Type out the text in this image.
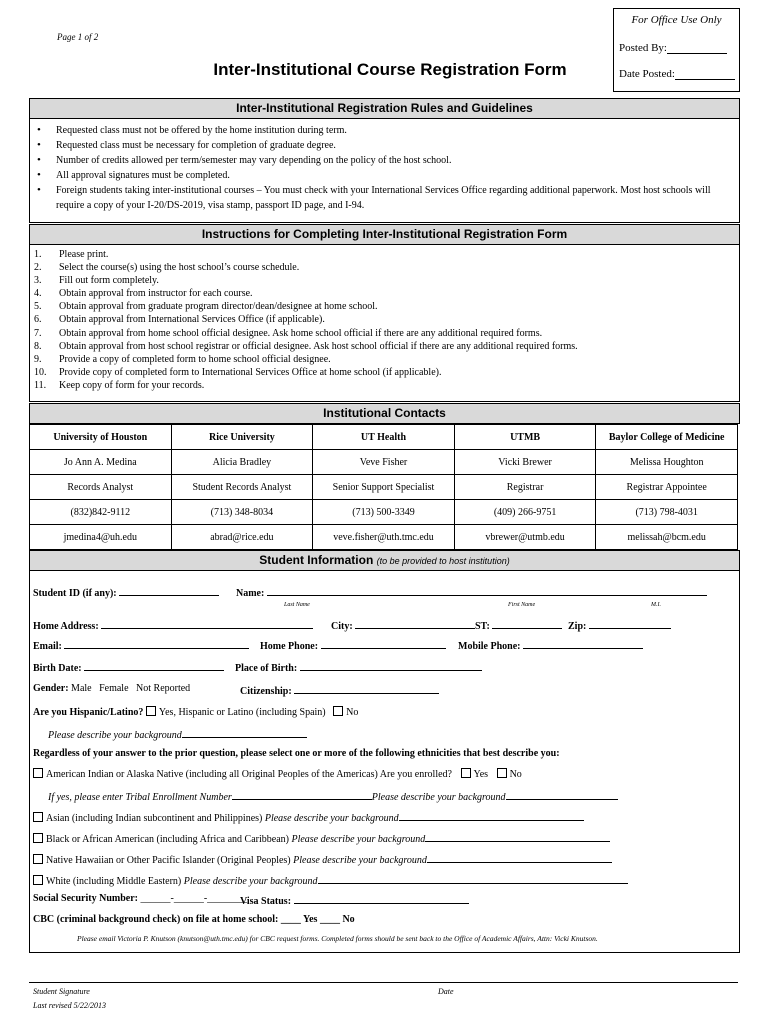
For Office Use Only
Posted By:
Date Posted:
Page 1 of 2
Inter-Institutional Course Registration Form
Inter-Institutional Registration Rules and Guidelines
• Requested class must not be offered by the home institution during term.
• Requested class must be necessary for completion of graduate degree.
• Number of credits allowed per term/semester may vary depending on the policy of the host school.
• All approval signatures must be completed.
• Foreign students taking inter-institutional courses – You must check with your International Services Office regarding additional paperwork. Most host schools will require a copy of your I-20/DS-2019, visa stamp, passport ID page, and I-94.
Instructions for Completing Inter-Institutional Registration Form
1. Please print.
2. Select the course(s) using the host school’s course schedule.
3. Fill out form completely.
4. Obtain approval from instructor for each course.
5. Obtain approval from graduate program director/dean/designee at home school.
6. Obtain approval from International Services Office (if applicable).
7. Obtain approval from home school official designee. Ask home school official if there are any additional required forms.
8. Obtain approval from host school registrar or official designee. Ask host school official if there are any additional required forms.
9. Provide a copy of completed form to home school official designee.
10. Provide copy of completed form to International Services Office at home school (if applicable).
11. Keep copy of form for your records.
Institutional Contacts
University of Houston	Rice University	UT Health	UTMB	Baylor College of Medicine
Jo Ann A. Medina	Alicia Bradley	Veve Fisher	Vicki Brewer	Melissa Houghton
Records Analyst	Student Records Analyst	Senior Support Specialist	Registrar	Registrar Appointee
(832)842-9112	(713) 348-8034	(713) 500-3349	(409) 266-9751	(713) 798-4031
jmedina4@uh.edu	abrad@rice.edu	veve.fisher@uth.tmc.edu	vbrewer@utmb.edu	melissah@bcm.edu
Student Information (to be provided to host institution)
Student ID (if any):	Name:
Last Name	First Name	M.I.
Home Address:	City:	ST:	Zip:
Email:	Home Phone:	Mobile Phone:
Birth Date:	Place of Birth:
Gender: Male   Female   Not Reported	Citizenship:
Are you Hispanic/Latino? Yes, Hispanic or Latino (including Spain) No
Please describe your background
Regardless of your answer to the prior question, please select one or more of the following ethnicities that best describe you:
American Indian or Alaska Native (including all Original Peoples of the Americas) Are you enrolled? Yes No
If yes, please enter Tribal Enrollment Number	Please describe your background
Asian (including Indian subcontinent and Philippines) Please describe your background
Black or African American (including Africa and Caribbean) Please describe your background
Native Hawaiian or Other Pacific Islander (Original Peoples) Please describe your background
White (including Middle Eastern) Please describe your background
Social Security Number: ______-______-________
Visa Status:
CBC (criminal background check) on file at home school: ____ Yes ____ No
Please email Victoria P. Knutson (knutson@uth.tmc.edu) for CBC request forms. Completed forms should be sent back to the Office of Academic Affairs, Attn: Vicki Knutson.
Student Signature	Date
Last revised 5/22/2013
